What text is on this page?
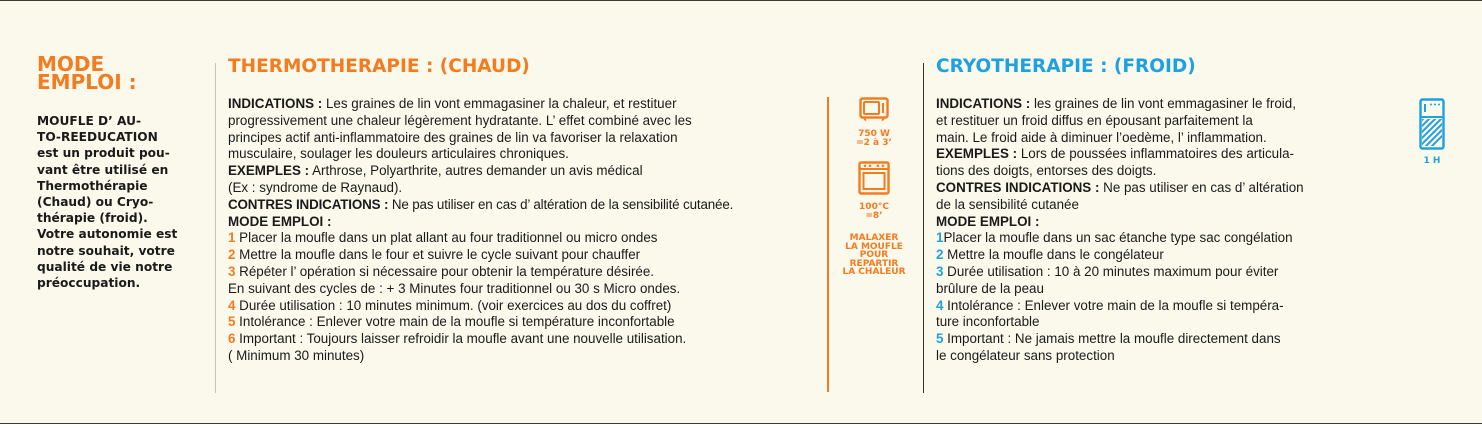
MODE
EMPLOI :
MOUFLE D’ AU-
TO-REEDUCATION
est un produit pou-
vant être utilisé en
Thermothérapie
(Chaud) ou Cryo-
thérapie (froid).
Votre autonomie est
notre souhait, votre
qualité de vie notre
préoccupation.
THERMOTHERAPIE : (CHAUD)
INDICATIONS : Les graines de lin vont emmagasiner la chaleur, et restituer
progressivement une chaleur légèrement hydratante. L’ effet combiné avec les
principes actif anti-inflammatoire des graines de lin va favoriser la relaxation
musculaire, soulager les douleurs articulaires chroniques.
EXEMPLES : Arthrose, Polyarthrite, autres demander un avis médical
(Ex : syndrome de Raynaud).
CONTRES INDICATIONS : Ne pas utiliser en cas d’ altération de la sensibilité cutanée.
MODE EMPLOI :
1 Placer la moufle dans un plat allant au four traditionnel ou micro ondes
2 Mettre la moufle dans le four et suivre le cycle suivant pour chauffer
3 Répéter l’ opération si nécessaire pour obtenir la température désirée.
En suivant des cycles de : + 3 Minutes four traditionnel ou 30 s Micro ondes.
4 Durée utilisation : 10 minutes minimum. (voir exercices au dos du coffret)
5 Intolérance : Enlever votre main de la moufle si température inconfortable
6 Important : Toujours laisser refroidir la moufle avant une nouvelle utilisation.
( Minimum 30 minutes)
750 W
=2 à 3’
100°C
=8’
MALAXER
LA MOUFLE
POUR
REPARTIR
LA CHALEUR
CRYOTHERAPIE : (FROID)
INDICATIONS : les graines de lin vont emmagasiner le froid,
et restituer un froid diffus en épousant parfaitement la
main. Le froid aide à diminuer l’oedème, l’ inflammation.
EXEMPLES : Lors de poussées inflammatoires des articula-
tions des doigts, entorses des doigts.
CONTRES INDICATIONS : Ne pas utiliser en cas d’ altération
de la sensibilité cutanée
MODE EMPLOI :
1Placer la moufle dans un sac étanche type sac congélation
2 Mettre la moufle dans le congélateur
3 Durée utilisation : 10 à 20 minutes maximum pour éviter
brûlure de la peau
4 Intolérance : Enlever votre main de la moufle si tempéra-
ture inconfortable
5 Important : Ne jamais mettre la moufle directement dans
le congélateur sans protection
1 H
